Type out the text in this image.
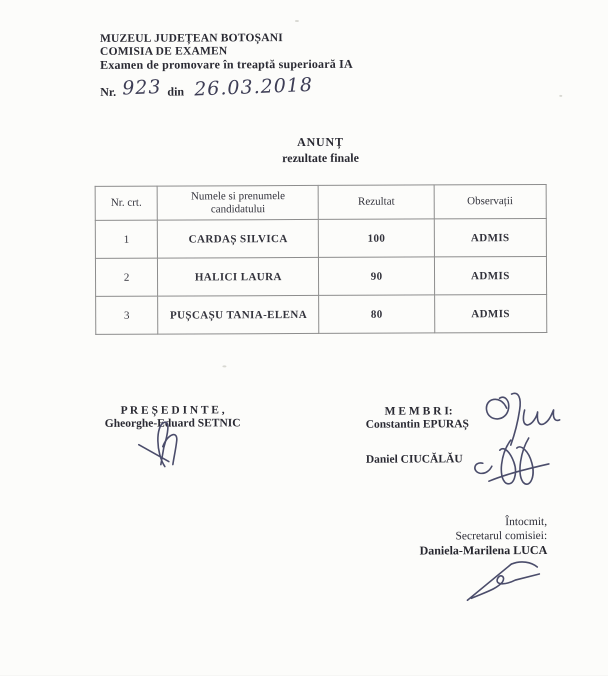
MUZEUL JUDEȚEAN BOTOȘANI
COMISIA DE EXAMEN
Examen de promovare în treaptă superioară IA
Nr. 923 din 26.03.2018
ANUNȚ
rezultate finale
Nr. crt.	Numele si prenumele candidatului	Rezultat	Observații
1	CARDAȘ SILVICA	100	ADMIS
2	HALICI LAURA	90	ADMIS
3	PUȘCAȘU TANIA-ELENA	80	ADMIS
P R E Ș E D I N T E ,
Gheorghe-Eduard SETNIC
M E M B R I:
Constantin EPURAȘ
Daniel CIUCĂLĂU
Întocmit,
Secretarul comisiei:
Daniela-Marilena LUCA
